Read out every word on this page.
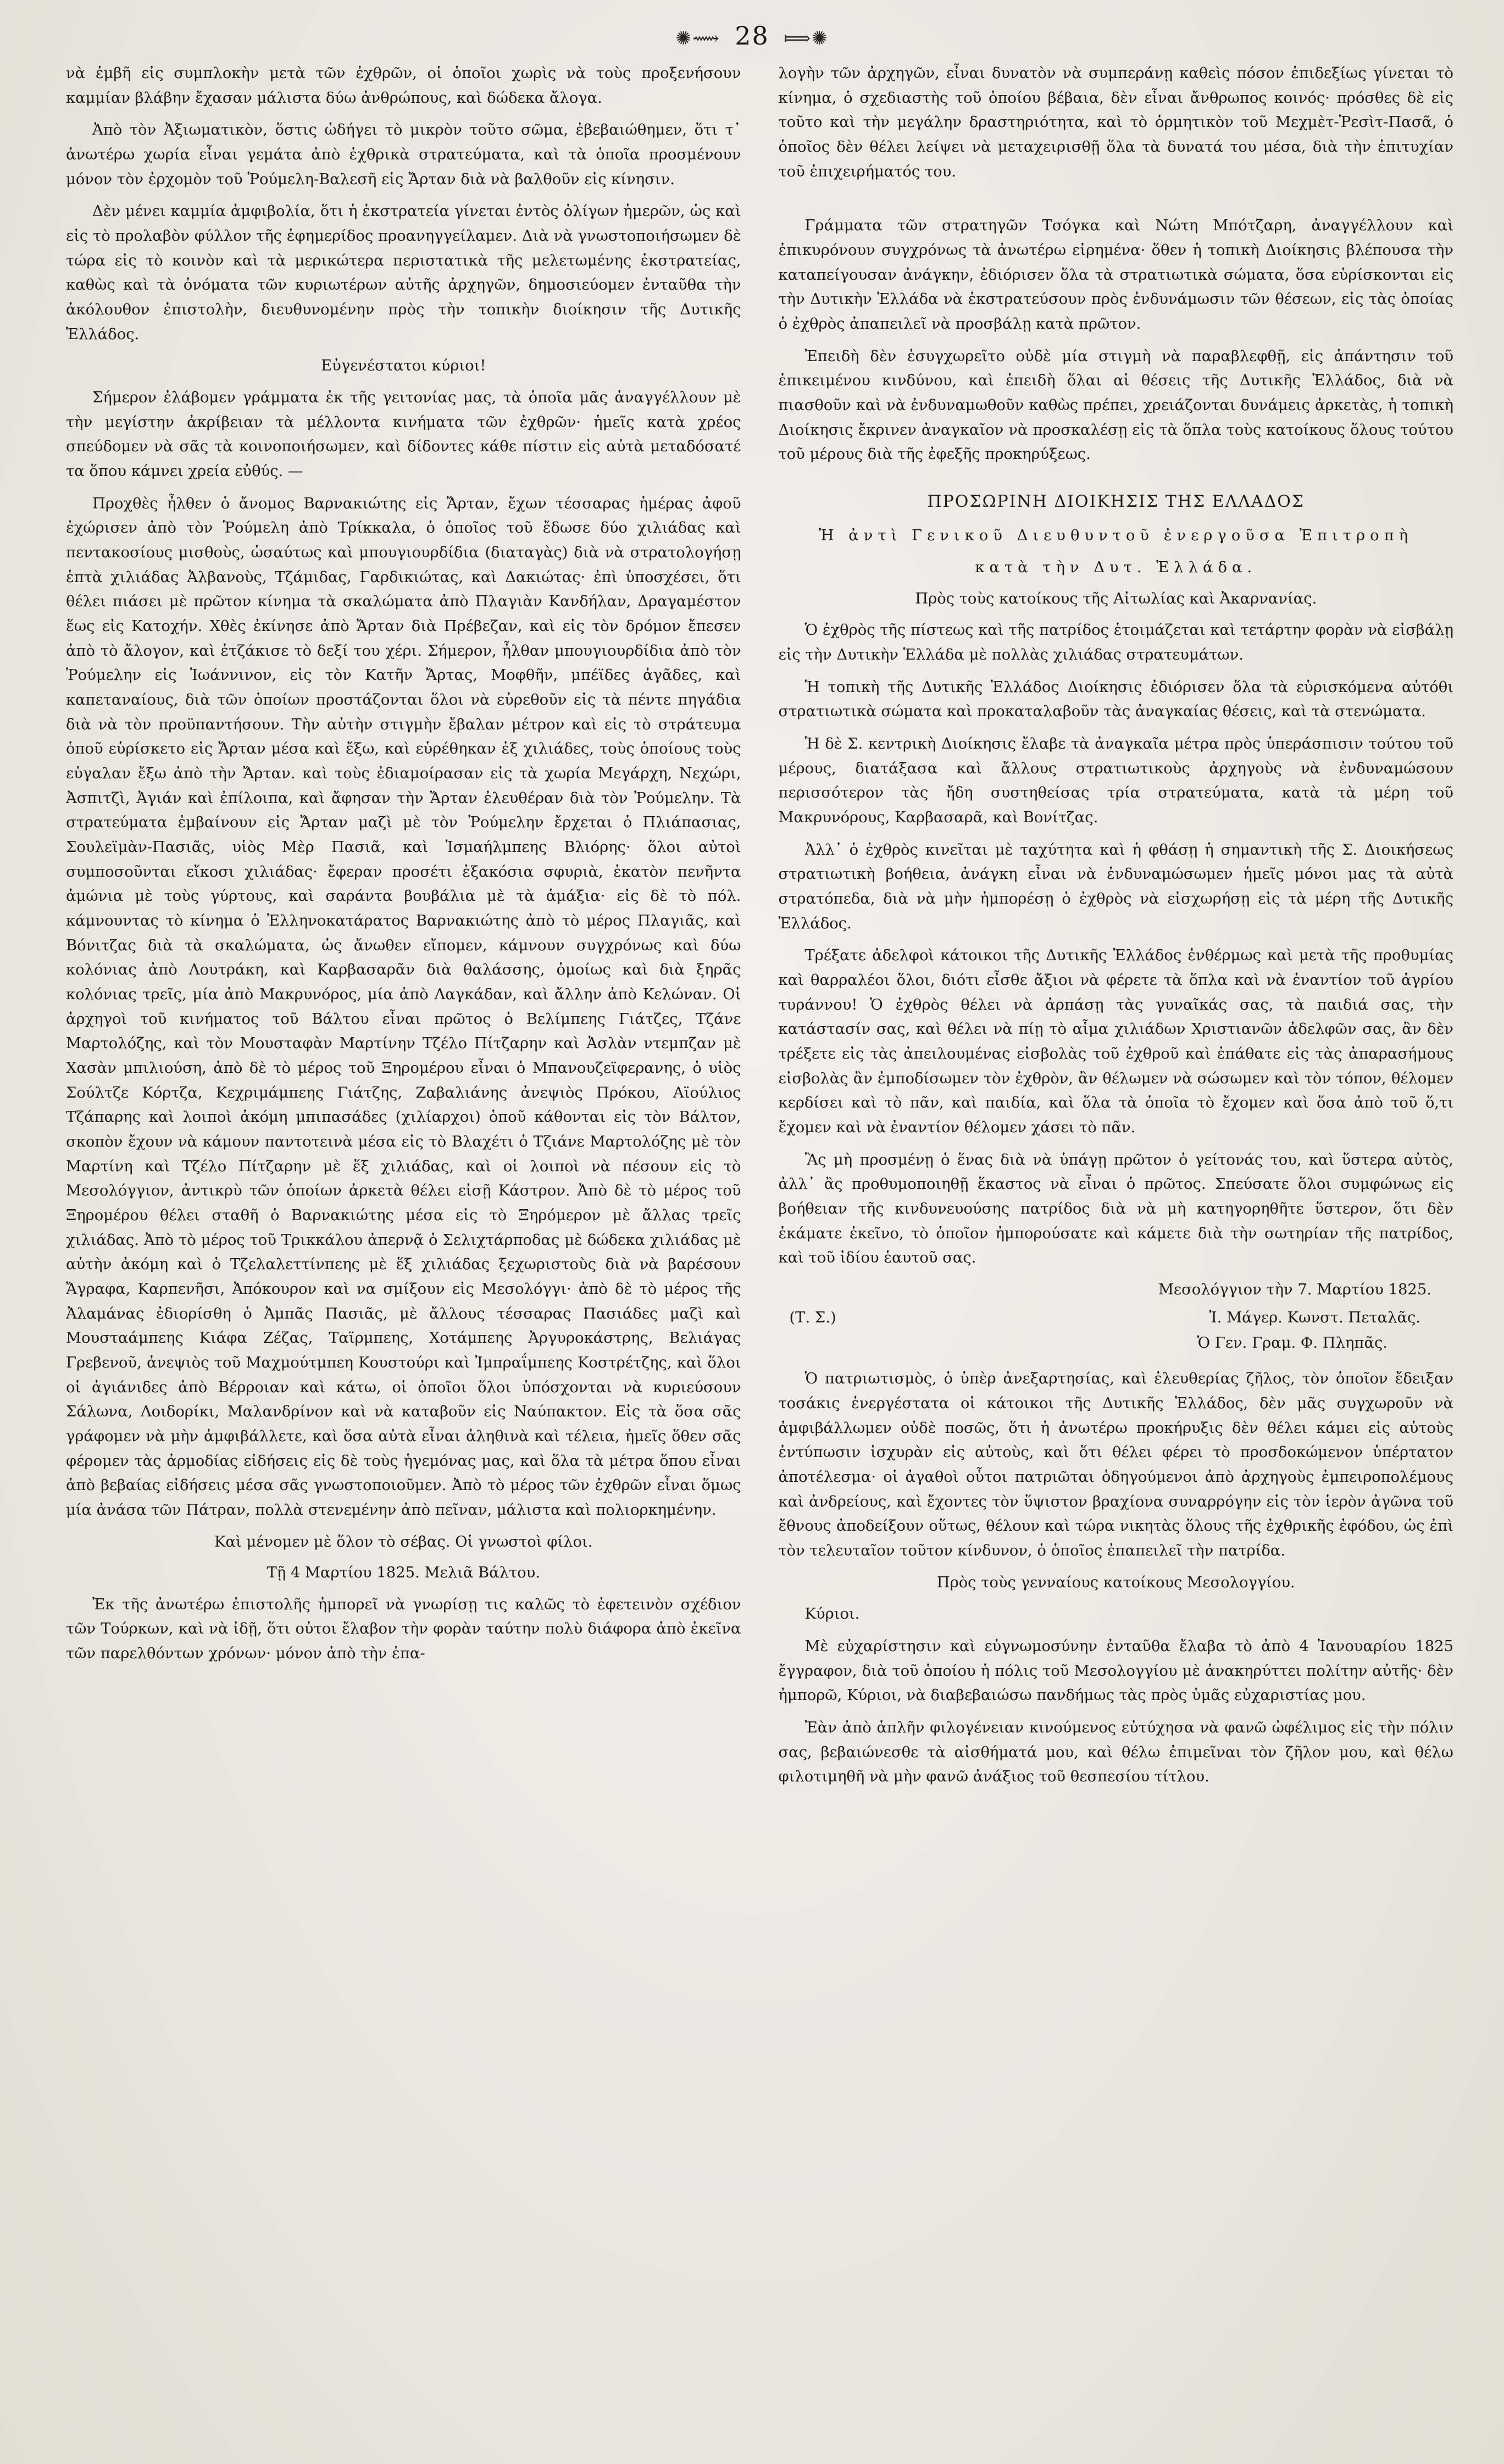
✺⟿ 28 ⟾✺

νὰ ἐμβῆ εἰς συμπλοκὴν μετὰ τῶν ἐχθρῶν, οἱ ὁποῖοι χωρὶς νὰ τοὺς προξενήσουν καμμίαν βλάβην ἔχασαν μάλιστα δύω ἀνθρώπους, καὶ δώδεκα ἄλογα.

Ἀπὸ τὸν Ἀξιωματικὸν, ὅστις ὡδήγει τὸ μικρὸν τοῦτο σῶμα, ἐβεβαιώθημεν, ὅτι τ᾽ ἀνωτέρω χωρία εἶναι γεμάτα ἀπὸ ἐχθρικὰ στρατεύματα, καὶ τὰ ὁποῖα προσμένουν μόνον τὸν ἐρχομὸν τοῦ Ῥούμελη-Βαλεσῆ εἰς Ἄρταν διὰ νὰ βαλθοῦν εἰς κίνησιν.

Δὲν μένει καμμία ἀμφιβολία, ὅτι ἡ ἐκστρατεία γίνεται ἐντὸς ὀλίγων ἡμερῶν, ὡς καὶ εἰς τὸ προλαβὸν φύλλον τῆς ἐφημερίδος προανηγγείλαμεν. Διὰ νὰ γνωστοποιήσωμεν δὲ τώρα εἰς τὸ κοινὸν καὶ τὰ μερικώτερα περιστατικὰ τῆς μελετωμένης ἐκστρατείας, καθὼς καὶ τὰ ὀνόματα τῶν κυριωτέρων αὐτῆς ἀρχηγῶν, δημοσιεύομεν ἐνταῦθα τὴν ἀκόλουθον ἐπιστολὴν, διευθυνομένην πρὸς τὴν τοπικὴν διοίκησιν τῆς Δυτικῆς Ἑλλάδος.

Εὐγενέστατοι κύριοι!

Σήμερον ἐλάβομεν γράμματα ἐκ τῆς γειτονίας μας, τὰ ὁποῖα μᾶς ἀναγγέλλουν μὲ τὴν μεγίστην ἀκρίβειαν τὰ μέλλοντα κινήματα τῶν ἐχθρῶν· ἡμεῖς κατὰ χρέος σπεύδομεν νὰ σᾶς τὰ κοινοποιήσωμεν, καὶ δίδοντες κάθε πίστιν εἰς αὐτὰ μεταδόσατέ τα ὅπου κάμνει χρεία εὐθύς. —

Προχθὲς ἦλθεν ὁ ἄνομος Βαρνακιώτης εἰς Ἄρταν, ἔχων τέσσαρας ἡμέρας ἀφοῦ ἐχώρισεν ἀπὸ τὸν Ῥούμελη ἀπὸ Τρίκκαλα, ὁ ὁποῖος τοῦ ἔδωσε δύο χιλιάδας καὶ πεντακοσίους μισθοὺς, ὡσαύτως καὶ μπουγιουρδίδια (διαταγὰς) διὰ νὰ στρατολογήσῃ ἑπτὰ χιλιάδας Ἀλβανοὺς, Τζάμιδας, Γαρδικιώτας, καὶ Δακιώτας· ἐπὶ ὑποσχέσει, ὅτι θέλει πιάσει μὲ πρῶτον κίνημα τὰ σκαλώματα ἀπὸ Πλαγιὰν Κανδήλαν, Δραγαμέστον ἕως εἰς Κατοχήν. Χθὲς ἐκίνησε ἀπὸ Ἄρταν διὰ Πρέβεζαν, καὶ εἰς τὸν δρόμον ἔπεσεν ἀπὸ τὸ ἄλογον, καὶ ἐτζάκισε τὸ δεξί του χέρι. Σήμερον, ἦλθαν μπουγιουρδίδια ἀπὸ τὸν Ῥούμελην εἰς Ἰωάννινον, εἰς τὸν Κατῆν Ἄρτας, Μοφθῆν, μπέϊδες ἀγᾶδες, καὶ καπεταναίους, διὰ τῶν ὁποίων προστάζονται ὅλοι νὰ εὑρεθοῦν εἰς τὰ πέντε πηγάδια διὰ νὰ τὸν προϋπαντήσουν. Τὴν αὐτὴν στιγμὴν ἔβαλαν μέτρον καὶ εἰς τὸ στράτευμα ὁποῦ εὑρίσκετο εἰς Ἄρταν μέσα καὶ ἔξω, καὶ εὑρέθηκαν ἐξ χιλιάδες, τοὺς ὁποίους τοὺς εὑγαλαν ἔξω ἀπὸ τὴν Ἄρταν. καὶ τοὺς ἐδιαμοίρασαν εἰς τὰ χωρία Μεγάρχη, Νεχώρι, Ἀσπιτζὶ, Ἀγιάν καὶ ἐπίλοιπα, καὶ ἄφησαν τὴν Ἄρταν ἐλευθέραν διὰ τὸν Ῥούμελην. Τὰ στρατεύματα ἐμβαίνουν εἰς Ἄρταν μαζὶ μὲ τὸν Ῥούμελην ἔρχεται ὁ Πλιάπασιας, Σουλεϊμὰν-Πασιᾶς, υἱὸς Μὲρ Πασιᾶ, καὶ Ἰσμαήλμπεης Βλιόρης· ὅλοι αὐτοὶ συμποσοῦνται εἴκοσι χιλιάδας· ἔφεραν προσέτι ἑξακόσια σφυριὰ, ἑκατὸν πενῆντα ἀμώνια μὲ τοὺς γύρτους, καὶ σαράντα βουβάλια μὲ τὰ ἁμάξια· εἰς δὲ τὸ πόλ. κάμνουντας τὸ κίνημα ὁ Ἐλληνοκατάρατος Βαρνακιώτης ἀπὸ τὸ μέρος Πλαγιᾶς, καὶ Βόνιτζας διὰ τὰ σκαλώματα, ὡς ἄνωθεν εἴπομεν, κάμνουν συγχρόνως καὶ δύω κολόνιας ἀπὸ Λουτράκη, καὶ Καρβασαρᾶν διὰ θαλάσσης, ὁμοίως καὶ διὰ ξηρᾶς κολόνιας τρεῖς, μία ἀπὸ Μακρυνόρος, μία ἀπὸ Λαγκάδαν, καὶ ἄλλην ἀπὸ Κελώναν. Οἱ ἀρχηγοὶ τοῦ κινήματος τοῦ Βάλτου εἶναι πρῶτος ὁ Βελίμπεης Γιάτζες, Τζάνε Μαρτολόζης, καὶ τὸν Μουσταφὰν Μαρτίνην Τζέλο Πίτζαρην καὶ Ἀσλὰν ντεμπζαν μὲ Χασὰν μπιλιούση, ἀπὸ δὲ τὸ μέρος τοῦ Ξηρομέρου εἶναι ὁ Μπανουζεϊφερανης, ὁ υἱὸς Σούλτζε Κόρτζα, Κεχριμάμπεης Γιάτζης, Ζαβαλιάνης ἀνεψιὸς Πρόκου, Αϊούλιος Τζάπαρης καὶ λοιποὶ ἀκόμη μπιπασάδες (χιλίαρχοι) ὁποῦ κάθονται εἰς τὸν Βάλτον, σκοπὸν ἔχουν νὰ κάμουν παντοτεινὰ μέσα εἰς τὸ Βλαχέτι ὁ Τζιάνε Μαρτολόζης μὲ τὸν Μαρτίνη καὶ Τζέλο Πίτζαρην μὲ ἕξ χιλιάδας, καὶ οἱ λοιποὶ νὰ πέσουν εἰς τὸ Μεσολόγγιον, ἀντικρὺ τῶν ὁποίων ἀρκετὰ θέλει εἰσῇ Κάστρον. Ἀπὸ δὲ τὸ μέρος τοῦ Ξηρομέρου θέλει σταθῆ ὁ Βαρνακιώτης μέσα εἰς τὸ Ξηρόμερον μὲ ἄλλας τρεῖς χιλιάδας. Ἀπὸ τὸ μέρος τοῦ Τρικκάλου ἀπερνᾷ ὁ Σελιχτάρποδας μὲ δώδεκα χιλιάδας μὲ αὐτὴν ἀκόμη καὶ ὁ Τζελαλεττίνπεης μὲ ἕξ χιλιάδας ξεχωριστοὺς διὰ νὰ βαρέσουν Ἄγραφα, Καρπενῆσι, Ἀπόκουρον καὶ να σμίξουν εἰς Μεσολόγγι· ἀπὸ δὲ τὸ μέρος τῆς Ἀλαμάνας ἐδιορίσθη ὁ Ἀμπᾶς Πασιᾶς, μὲ ἄλλους τέσσαρας Πασιάδες μαζὶ καὶ Μουσταάμπεης Κιάφα Ζέζας, Ταϊρμπεης, Χοτάμπεης Ἀργυροκάστρης, Βελιάγας Γρεβενοῦ, ἀνεψιὸς τοῦ Μαχμούτμπεη Κουστούρι καὶ Ἰμπραΐμπεης Κοστρέτζης, καὶ ὅλοι οἱ ἀγιάνιδες ἀπὸ Βέρροιαν καὶ κάτω, οἱ ὁποῖοι ὅλοι ὑπόσχονται νὰ κυριεύσουν Σάλωνα, Λοιδορίκι, Μαλανδρίνον καὶ νὰ καταβοῦν εἰς Ναύπακτον. Εἰς τὰ ὅσα σᾶς γράφομεν νὰ μὴν ἀμφιβάλλετε, καὶ ὅσα αὐτὰ εἶναι ἀληθινὰ καὶ τέλεια, ἡμεῖς ὅθεν σᾶς φέρομεν τὰς ἀρμοδίας εἰδήσεις εἰς δὲ τοὺς ἡγεμόνας μας, καὶ ὅλα τὰ μέτρα ὅπου εἶναι ἀπὸ βεβαίας εἰδήσεις μέσα σᾶς γνωστοποιοῦμεν. Ἀπὸ τὸ μέρος τῶν ἐχθρῶν εἶναι ὅμως μία ἀνάσα τῶν Πάτραν, πολλὰ στενεμένην ἀπὸ πεῖναν, μάλιστα καὶ πολιορκημένην.

Καὶ μένομεν μὲ ὅλον τὸ σέβας. Οἱ γνωστοὶ φίλοι.
Τῇ 4 Μαρτίου 1825. Μελιᾶ Βάλτου.

Ἐκ τῆς ἀνωτέρω ἐπιστολῆς ἠμπορεῖ νὰ γνωρίσῃ τις καλῶς τὸ ἐφετεινὸν σχέδιον τῶν Τούρκων, καὶ νὰ ἰδῇ, ὅτι οὐτοι ἔλαβον τὴν φορὰν ταύτην πολὺ διάφορα ἀπὸ ἐκεῖνα τῶν παρελθόντων χρόνων· μόνον ἀπὸ τὴν ἐπα-

λογὴν τῶν ἀρχηγῶν, εἶναι δυνατὸν νὰ συμπεράνῃ καθεὶς πόσον ἐπιδεξίως γίνεται τὸ κίνημα, ὁ σχεδιαστὴς τοῦ ὁποίου βέβαια, δὲν εἶναι ἄνθρωπος κοινός· πρόσθες δὲ εἰς τοῦτο καὶ τὴν μεγάλην δραστηριότητα, καὶ τὸ ὁρμητικὸν τοῦ Μεχμὲτ-Ῥεσὶτ-Πασᾶ, ὁ ὁποῖος δὲν θέλει λείψει νὰ μεταχειρισθῇ ὅλα τὰ δυνατά του μέσα, διὰ τὴν ἐπιτυχίαν τοῦ ἐπιχειρήματός του.

Γράμματα τῶν στρατηγῶν Τσόγκα καὶ Νώτη Μπότζαρη, ἀναγγέλλουν καὶ ἐπικυρόνουν συγχρόνως τὰ ἀνωτέρω εἰρημένα· ὅθεν ἡ τοπικὴ Διοίκησις βλέπουσα τὴν καταπείγουσαν ἀνάγκην, ἐδιόρισεν ὅλα τὰ στρατιωτικὰ σώματα, ὅσα εὑρίσκονται εἰς τὴν Δυτικὴν Ἑλλάδα νὰ ἐκστρατεύσουν πρὸς ἐνδυνάμωσιν τῶν θέσεων, εἰς τὰς ὁποίας ὁ ἐχθρὸς ἀπαπειλεῖ νὰ προσβάλῃ κατὰ πρῶτον.

Ἐπειδὴ δὲν ἐσυγχωρεῖτο οὐδὲ μία στιγμὴ νὰ παραβλεφθῇ, εἰς ἀπάντησιν τοῦ ἐπικειμένου κινδύνου, καὶ ἐπειδὴ ὅλαι αἱ θέσεις τῆς Δυτικῆς Ἑλλάδος, διὰ νὰ πιασθοῦν καὶ νὰ ἐνδυναμωθοῦν καθὼς πρέπει, χρειάζονται δυνάμεις ἀρκετὰς, ἡ τοπικὴ Διοίκησις ἔκρινεν ἀναγκαῖον νὰ προσκαλέσῃ εἰς τὰ ὅπλα τοὺς κατοίκους ὅλους τούτου τοῦ μέρους διὰ τῆς ἐφεξῆς προκηρύξεως.

ΠΡΟΣΩΡΙΝΗ ΔΙΟΙΚΗΣΙΣ ΤΗΣ ΕΛΛΑΔΟΣ
Ἡ ἀντὶ Γενικοῦ Διευθυντοῦ ἐνεργοῦσα Ἐπιτροπὴ
κατὰ τὴν Δυτ. Ἑλλάδα.
Πρὸς τοὺς κατοίκους τῆς Αἰτωλίας καὶ Ἀκαρνανίας.

Ὁ ἐχθρὸς τῆς πίστεως καὶ τῆς πατρίδος ἑτοιμάζεται καὶ τετάρτην φορὰν νὰ εἰσβάλῃ εἰς τὴν Δυτικὴν Ἑλλάδα μὲ πολλὰς χιλιάδας στρατευμάτων.

Ἡ τοπικὴ τῆς Δυτικῆς Ἑλλάδος Διοίκησις ἐδιόρισεν ὅλα τὰ εὑρισκόμενα αὐτόθι στρατιωτικὰ σώματα καὶ προκαταλαβοῦν τὰς ἀναγκαίας θέσεις, καὶ τὰ στενώματα.

Ἡ δὲ Σ. κεντρικὴ Διοίκησις ἔλαβε τὰ ἀναγκαῖα μέτρα πρὸς ὑπεράσπισιν τούτου τοῦ μέρους, διατάξασα καὶ ἄλλους στρατιωτικοὺς ἀρχηγοὺς νὰ ἐνδυναμώσουν περισσότερον τὰς ἤδη συστηθείσας τρία στρατεύματα, κατὰ τὰ μέρη τοῦ Μακρυνόρους, Καρβασαρᾶ, καὶ Βονίτζας.

Ἀλλ᾽ ὁ ἐχθρὸς κινεῖται μὲ ταχύτητα καὶ ἡ φθάσῃ ἡ σημαντικὴ τῆς Σ. Διοικήσεως στρατιωτικὴ βοήθεια, ἀνάγκη εἶναι νὰ ἐνδυναμώσωμεν ἡμεῖς μόνοι μας τὰ αὐτὰ στρατόπεδα, διὰ νὰ μὴν ἠμπορέσῃ ὁ ἐχθρὸς νὰ εἰσχωρήσῃ εἰς τὰ μέρη τῆς Δυτικῆς Ἑλλάδος.

Τρέξατε ἀδελφοὶ κάτοικοι τῆς Δυτικῆς Ἑλλάδος ἐνθέρμως καὶ μετὰ τῆς προθυμίας καὶ θαρραλέοι ὅλοι, διότι εἶσθε ἄξιοι νὰ φέρετε τὰ ὅπλα καὶ νὰ ἐναντίον τοῦ ἀγρίου τυράννου! Ὁ ἐχθρὸς θέλει νὰ ἀρπάσῃ τὰς γυναῖκάς σας, τὰ παιδιά σας, τὴν κατάστασίν σας, καὶ θέλει νὰ πίῃ τὸ αἷμα χιλιάδων Χριστιανῶν ἀδελφῶν σας, ἂν δὲν τρέξετε εἰς τὰς ἀπειλουμένας εἰσβολὰς τοῦ ἐχθροῦ καὶ ἐπάθατε εἰς τὰς ἀπαρασήμους εἰσβολὰς ἂν ἐμποδίσωμεν τὸν ἐχθρὸν, ἂν θέλωμεν νὰ σώσωμεν καὶ τὸν τόπον, θέλομεν κερδίσει καὶ τὸ πᾶν, καὶ παιδία, καὶ ὅλα τὰ ὁποῖα τὸ ἔχομεν καὶ ὅσα ἀπὸ τοῦ ὅ,τι ἔχομεν καὶ νὰ ἐναντίον θέλομεν χάσει τὸ πᾶν.

Ἂς μὴ προσμένῃ ὁ ἕνας διὰ νὰ ὑπάγῃ πρῶτον ὁ γείτονάς του, καὶ ὕστερα αὐτὸς, ἀλλ᾽ ἂς προθυμοποιηθῇ ἕκαστος νὰ εἶναι ὁ πρῶτος. Σπεύσατε ὅλοι συμφώνως εἰς βοήθειαν τῆς κινδυνευούσης πατρίδος διὰ νὰ μὴ κατηγορηθῆτε ὕστερον, ὅτι δὲν ἐκάματε ἐκεῖνο, τὸ ὁποῖον ἠμπορούσατε καὶ κάμετε διὰ τὴν σωτηρίαν τῆς πατρίδος, καὶ τοῦ ἰδίου ἑαυτοῦ σας.

Μεσολόγγιον τὴν 7. Μαρτίου 1825.
(Τ. Σ.)	Ἰ. Μάγερ. Κωνστ. Πεταλᾶς.
Ὁ Γεν. Γραμ. Φ. Πληπᾶς.

Ὁ πατριωτισμὸς, ὁ ὑπὲρ ἀνεξαρτησίας, καὶ ἐλευθερίας ζῆλος, τὸν ὁποῖον ἔδειξαν τοσάκις ἐνεργέστατα οἱ κάτοικοι τῆς Δυτικῆς Ἑλλάδος, δὲν μᾶς συγχωροῦν νὰ ἀμφιβάλλωμεν οὐδὲ ποσῶς, ὅτι ἡ ἀνωτέρω προκήρυξις δὲν θέλει κάμει εἰς αὐτοὺς ἐντύπωσιν ἰσχυρὰν εἰς αὐτοὺς, καὶ ὅτι θέλει φέρει τὸ προσδοκώμενον ὑπέρτατον ἀποτέλεσμα· οἱ ἀγαθοὶ οὗτοι πατριῶται ὁδηγούμενοι ἀπὸ ἀρχηγοὺς ἐμπειροπολέμους καὶ ἀνδρείους, καὶ ἔχοντες τὸν ὕψιστον βραχίονα συναρρόγην εἰς τὸν ἱερὸν ἀγῶνα τοῦ ἔθνους ἀποδείξουν οὕτως, θέλουν καὶ τώρα νικητὰς ὅλους τῆς ἐχθρικῆς ἐφόδου, ὡς ἐπὶ τὸν τελευταῖον τοῦτον κίνδυνον, ὁ ὁποῖος ἐπαπειλεῖ τὴν πατρίδα.

Πρὸς τοὺς γενναίους κατοίκους Μεσολογγίου.

Κύριοι.

Μὲ εὐχαρίστησιν καὶ εὐγνωμοσύνην ἐνταῦθα ἔλαβα τὸ ἀπὸ 4 Ἰανουαρίου 1825 ἔγγραφον, διὰ τοῦ ὁποίου ἡ πόλις τοῦ Μεσολογγίου μὲ ἀνακηρύττει πολίτην αὐτῆς· δὲν ἠμπορῶ, Κύριοι, νὰ διαβεβαιώσω πανδήμως τὰς πρὸς ὑμᾶς εὐχαριστίας μου.

Ἐὰν ἀπὸ ἁπλῆν φιλογένειαν κινούμενος εὐτύχησα νὰ φανῶ ὠφέλιμος εἰς τὴν πόλιν σας, βεβαιώνεσθε τὰ αἰσθήματά μου, καὶ θέλω ἐπιμεῖναι τὸν ζῆλον μου, καὶ θέλω φιλοτιμηθῆ νὰ μὴν φανῶ ἀνάξιος τοῦ θεσπεσίου τίτλου.
